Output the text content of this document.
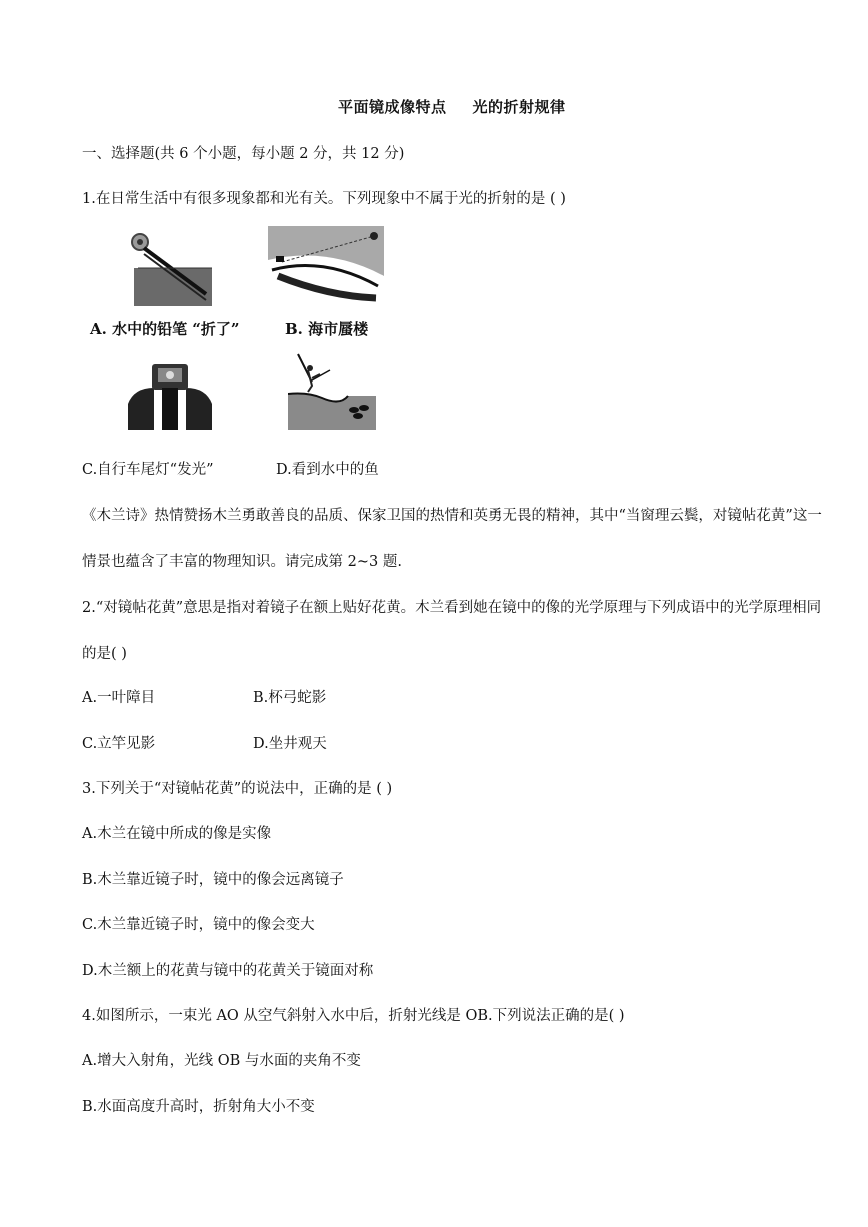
平面镜成像特点 光的折射规律
一、选择题(共 6 个小题，每小题 2 分，共 12 分)
1.在日常生活中有很多现象都和光有关。下列现象中不属于光的折射的是 ( )
A. 水中的铅笔 “折了”	B. 海市蜃楼
C.自行车尾灯“发光”	D.看到水中的鱼
《木兰诗》热情赞扬木兰勇敢善良的品质、保家卫国的热情和英勇无畏的精神，其中“当窗理云鬓，对镜帖花黄”这一情景也蕴含了丰富的物理知识。请完成第 2~3 题.
2.“对镜帖花黄”意思是指对着镜子在额上贴好花黄。木兰看到她在镜中的像的光学原理与下列成语中的光学原理相同的是( )
A.一叶障目	B.杯弓蛇影
C.立竿见影	D.坐井观天
3.下列关于“对镜帖花黄”的说法中，正确的是 ( )
A.木兰在镜中所成的像是实像
B.木兰靠近镜子时，镜中的像会远离镜子
C.木兰靠近镜子时，镜中的像会变大
D.木兰额上的花黄与镜中的花黄关于镜面对称
4.如图所示，一束光 AO 从空气斜射入水中后，折射光线是 OB.下列说法正确的是( )
A.增大入射角，光线 OB 与水面的夹角不变
B.水面高度升高时，折射角大小不变
